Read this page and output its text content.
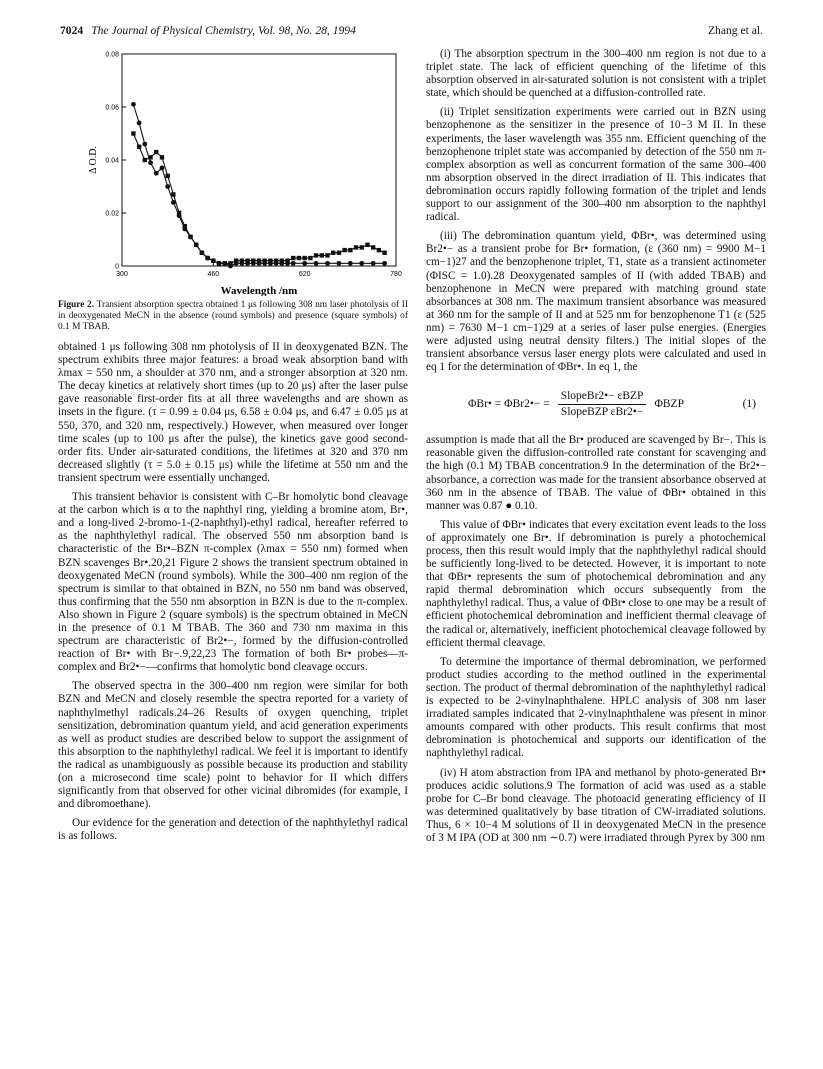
7024 The Journal of Physical Chemistry, Vol. 98, No. 28, 1994	Zhang et al.
0
0.02
0.04
0.06
0.08
300	460	620	780
Wavelength /nm
Δ O.D.
Figure 2. Transient absorption spectra obtained 1 μs following 308 nm laser photolysis of II in deoxygenated MeCN in the absence (round symbols) and presence (square symbols) of 0.1 M TBAB.

obtained 1 μs following 308 nm photolysis of II in deoxygenated BZN. The spectrum exhibits three major features: a broad weak absorption band with λmax = 550 nm, a shoulder at 370 nm, and a stronger absorption at 320 nm. The decay kinetics at relatively short times (up to 20 μs) after the laser pulse gave reasonable first-order fits at all three wavelengths and are shown as insets in the figure. (τ = 0.99 ± 0.04 μs, 6.58 ± 0.04 μs, and 6.47 ± 0.05 μs at 550, 370, and 320 nm, respectively.) However, when measured over longer time scales (up to 100 μs after the pulse), the kinetics gave good second-order fits. Under air-saturated conditions, the lifetimes at 320 and 370 nm decreased slightly (τ = 5.0 ± 0.15 μs) while the lifetime at 550 nm and the transient spectrum were essentially unchanged.

This transient behavior is consistent with C–Br homolytic bond cleavage at the carbon which is α to the naphthyl ring, yielding a bromine atom, Br•, and a long-lived 2-bromo-1-(2-naphthyl)-ethyl radical, hereafter referred to as the naphthylethyl radical. The observed 550 nm absorption band is characteristic of the Br•–BZN π-complex (λmax = 550 nm) formed when BZN scavenges Br•.20,21 Figure 2 shows the transient spectrum obtained in deoxygenated MeCN (round symbols). While the 300–400 nm region of the spectrum is similar to that obtained in BZN, no 550 nm band was observed, thus confirming that the 550 nm absorption in BZN is due to the π-complex. Also shown in Figure 2 (square symbols) is the spectrum obtained in MeCN in the presence of 0.1 M TBAB. The 360 and 730 nm maxima in this spectrum are characteristic of Br2•−, formed by the diffusion-controlled reaction of Br• with Br−.9,22,23 The formation of both Br• probes—π-complex and Br2•−—confirms that homolytic bond cleavage occurs.

The observed spectra in the 300–400 nm region were similar for both BZN and MeCN and closely resemble the spectra reported for a variety of naphthylmethyl radicals.24–26 Results of oxygen quenching, triplet sensitization, debromination quantum yield, and acid generation experiments as well as product studies are described below to support the assignment of this absorption to the naphthylethyl radical. We feel it is important to identify the radical as unambiguously as possible because its production and stability (on a microsecond time scale) point to behavior for II which differs significantly from that observed for other vicinal dibromides (for example, I and dibromoethane).

Our evidence for the generation and detection of the naphthylethyl radical is as follows.

(i) The absorption spectrum in the 300–400 nm region is not due to a triplet state. The lack of efficient quenching of the lifetime of this absorption observed in air-saturated solution is not consistent with a triplet state, which should be quenched at a diffusion-controlled rate.

(ii) Triplet sensitization experiments were carried out in BZN using benzophenone as the sensitizer in the presence of 10−3 M II. In these experiments, the laser wavelength was 355 nm. Efficient quenching of the benzophenone triplet state was accompanied by detection of the 550 nm π-complex absorption as well as concurrent formation of the same 300–400 nm absorption observed in the direct irradiation of II. This indicates that debromination occurs rapidly following formation of the triplet and lends support to our assignment of the 300–400 nm absorption to the naphthyl radical.

(iii) The debromination quantum yield, ΦBr•, was determined using Br2•− as a transient probe for Br• formation, (ε (360 nm) = 9900 M−1 cm−1)27 and the benzophenone triplet, T1, state as a transient actinometer (ΦISC = 1.0).28 Deoxygenated samples of II (with added TBAB) and benzophenone in MeCN were prepared with matching ground state absorbances at 308 nm. The maximum transient absorbance was measured at 360 nm for the sample of II and at 525 nm for benzophenone T1 (ε (525 nm) = 7630 M−1 cm−1)29 at a series of laser pulse energies. (Energies were adjusted using neutral density filters.) The initial slopes of the transient absorbance versus laser energy plots were calculated and used in eq 1 for the determination of ΦBr•. In eq 1, the

ΦBr• = ΦBr2•− = $\frac{\text{SlopeBr2•− εBZP}}{\text{SlopeBZP εBr2•−}}$ ΦBZP	(1)

assumption is made that all the Br• produced are scavenged by Br−. This is reasonable given the diffusion-controlled rate constant for scavenging and the high (0.1 M) TBAB concentration.9 In the determination of the Br2•− absorbance, a correction was made for the transient absorbance observed at 360 nm in the absence of TBAB. The value of ΦBr• obtained in this manner was 0.87 ● 0.10.

This value of ΦBr• indicates that every excitation event leads to the loss of approximately one Br•. If debromination is purely a photochemical process, then this result would imply that the naphthylethyl radical should be sufficiently long-lived to be detected. However, it is important to note that ΦBr• represents the sum of photochemical debromination and any rapid thermal debromination which occurs subsequently from the naphthylethyl radical. Thus, a value of ΦBr• close to one may be a result of efficient photochemical debromination and inefficient thermal cleavage of the radical or, alternatively, inefficient photochemical cleavage followed by efficient thermal cleavage.

To determine the importance of thermal debromination, we performed product studies according to the method outlined in the experimental section. The product of thermal debromination of the naphthylethyl radical is expected to be 2-vinylnaphthalene. HPLC analysis of 308 nm laser irradiated samples indicated that 2-vinylnaphthalene was pŕesent in minor amounts compared with other products. This result confirms that most debromination is photochemical and supports our identification of the naphthylethyl radical.

(iv) H atom abstraction from IPA and methanol by photo-generated Br• produces acidic solutions.9 The formation of acid was used as a stable probe for C–Br bond cleavage. The photoacid generating efficiency of II was determined qualitatively by base titration of CW-irradiated solutions. Thus, 6 × 10−4 M solutions of II in deoxygenated MeCN in the presence of 3 M IPA (OD at 300 nm ∼0.7) were irradiated through Pyrex by 300 nm
